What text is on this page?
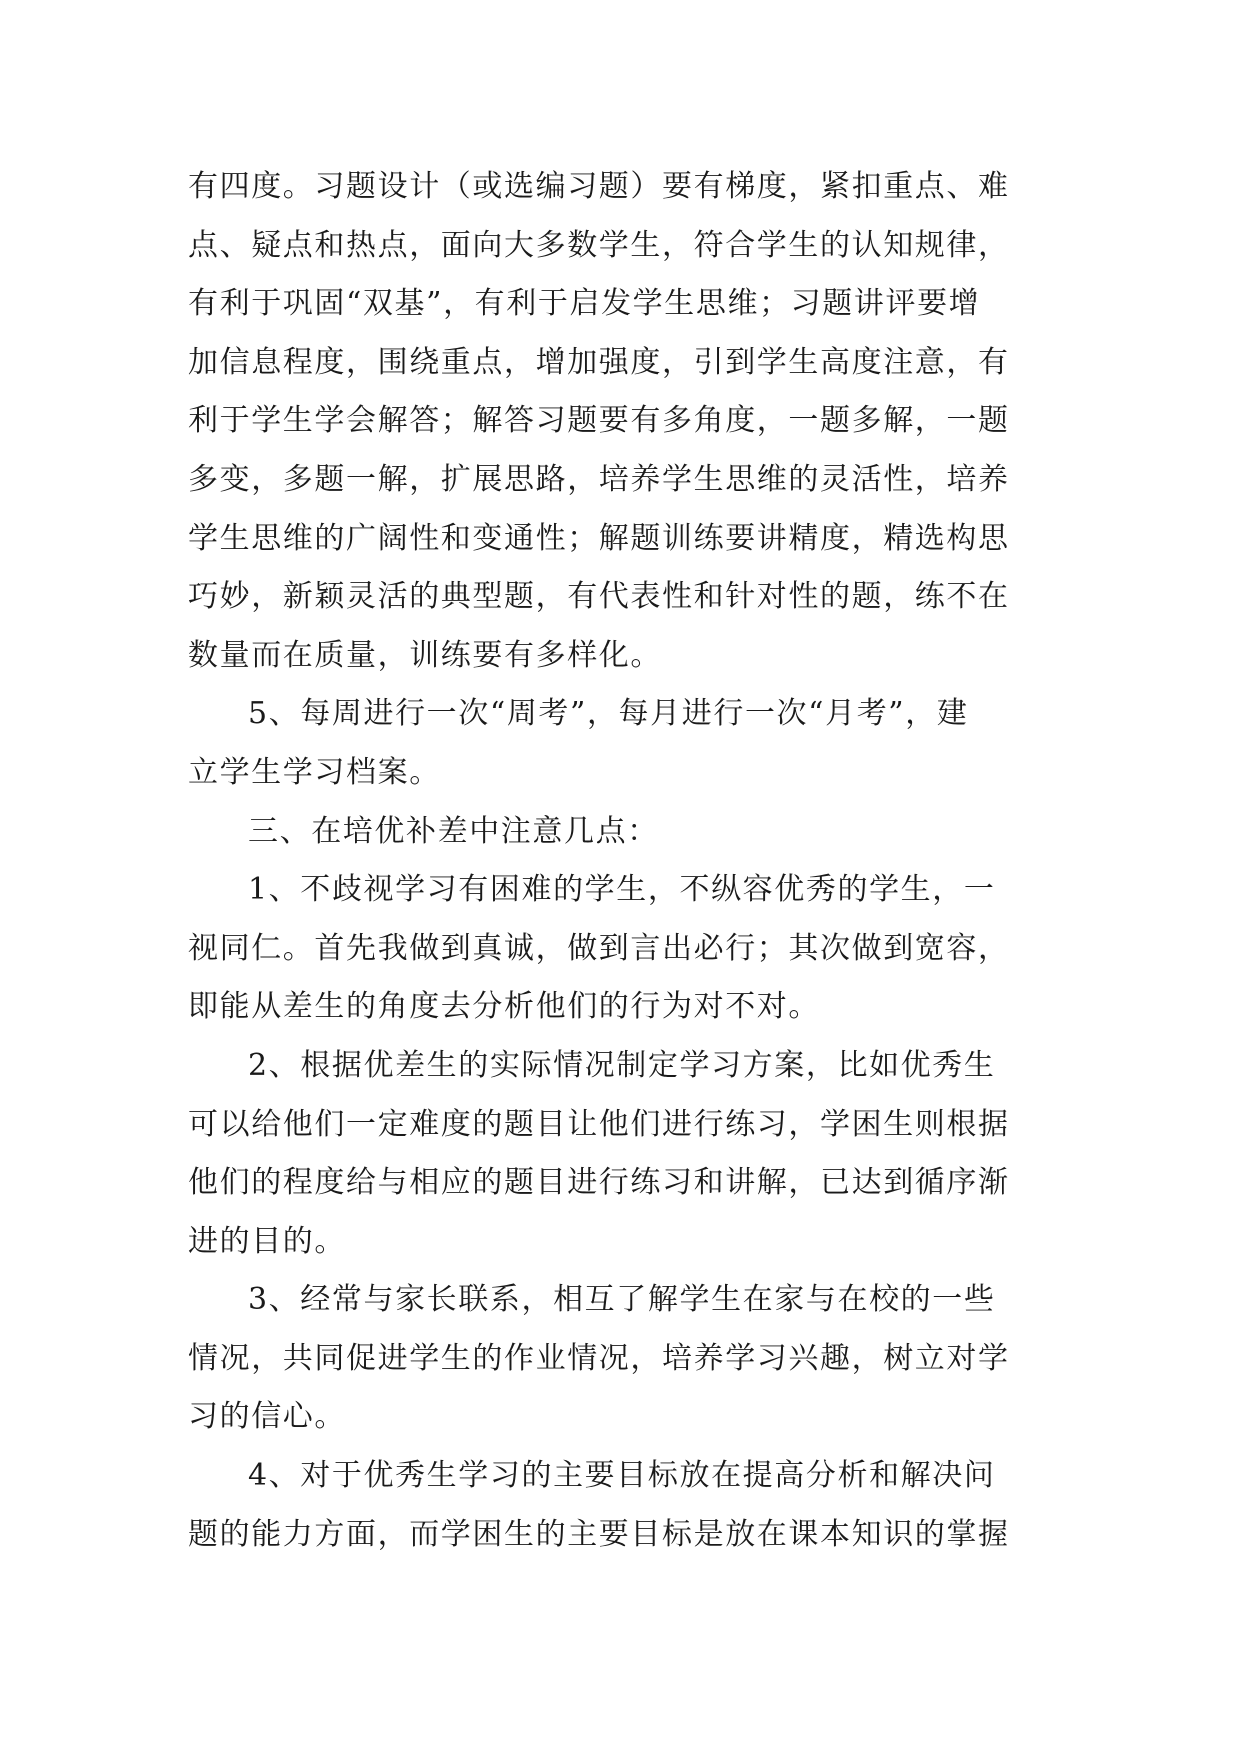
有四度。习题设计（或选编习题）要有梯度，紧扣重点、难
点、疑点和热点，面向大多数学生，符合学生的认知规律，
有利于巩固“双基”，有利于启发学生思维；习题讲评要增
加信息程度，围绕重点，增加强度，引到学生高度注意，有
利于学生学会解答；解答习题要有多角度，一题多解，一题
多变，多题一解，扩展思路，培养学生思维的灵活性，培养
学生思维的广阔性和变通性；解题训练要讲精度，精选构思
巧妙，新颖灵活的典型题，有代表性和针对性的题，练不在
数量而在质量，训练要有多样化。
5、每周进行一次“周考”，每月进行一次“月考”，建
立学生学习档案。
三、在培优补差中注意几点：
1、不歧视学习有困难的学生，不纵容优秀的学生，一
视同仁。首先我做到真诚，做到言出必行；其次做到宽容，
即能从差生的角度去分析他们的行为对不对。
2、根据优差生的实际情况制定学习方案，比如优秀生
可以给他们一定难度的题目让他们进行练习，学困生则根据
他们的程度给与相应的题目进行练习和讲解，已达到循序渐
进的目的。
3、经常与家长联系，相互了解学生在家与在校的一些
情况，共同促进学生的作业情况，培养学习兴趣，树立对学
习的信心。
4、对于优秀生学习的主要目标放在提高分析和解决问
题的能力方面，而学困生的主要目标是放在课本知识的掌握
